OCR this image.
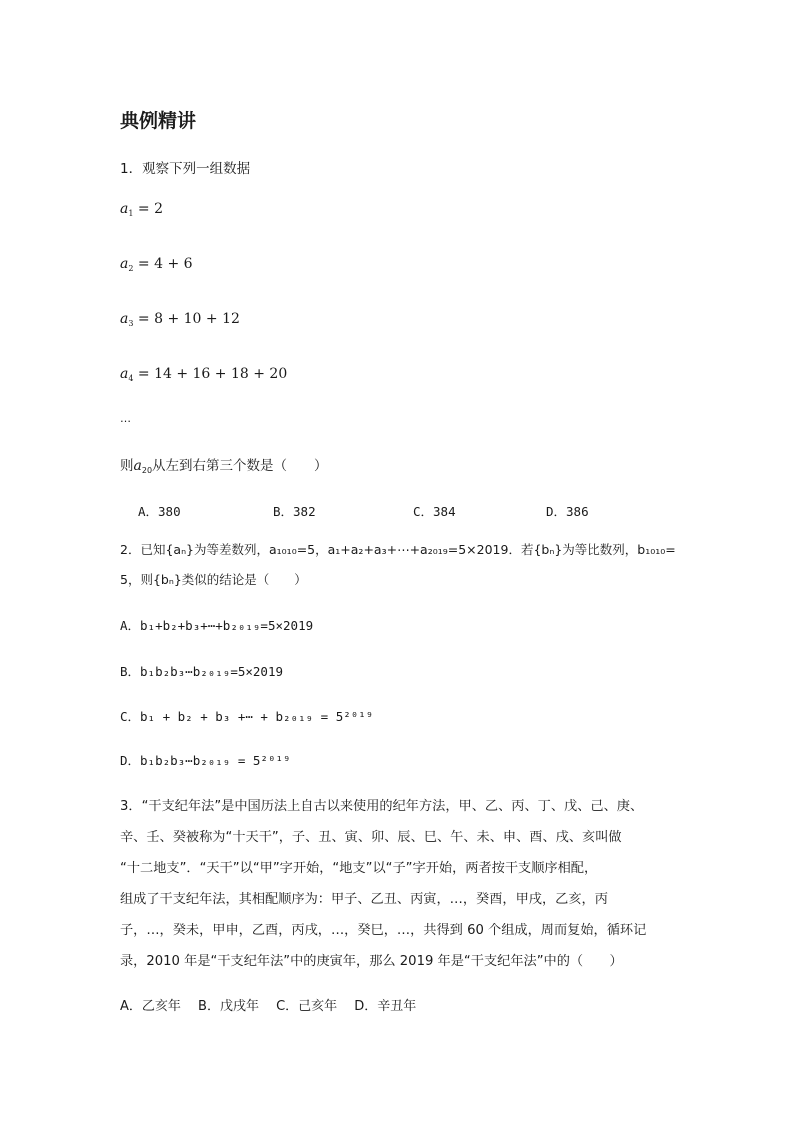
典例精讲
1．观察下列一组数据
$a_1 = 2$
$a_2 = 4 + 6$
$a_3 = 8 + 10 + 12$
$a_4 = 14 + 16 + 18 + 20$
…
则$a_{20}$从左到右第三个数是（　　）
A．380	B．382	C．384	D．386
2．已知{aₙ}为等差数列，a₁₀₁₀=5，a₁+a₂+a₃+⋯+a₂₀₁₉=5×2019．若{bₙ}为等比数列，b₁₀₁₀=
5，则{bₙ}类似的结论是（　　）
A．b₁+b₂+b₃+⋯+b₂₀₁₉=5×2019
B．b₁b₂b₃⋯b₂₀₁₉=5×2019
C．b₁ + b₂ + b₃ +⋯ + b₂₀₁₉ = 5²⁰¹⁹
D．b₁b₂b₃⋯b₂₀₁₉ = 5²⁰¹⁹
3．“干支纪年法”是中国历法上自古以来使用的纪年方法，甲、乙、丙、丁、戊、己、庚、
辛、壬、癸被称为“十天干”，子、丑、寅、卯、辰、巳、午、未、申、酉、戌、亥叫做
“十二地支”．“天干”以“甲”字开始，“地支”以“子”字开始，两者按干支顺序相配，
组成了干支纪年法，其相配顺序为：甲子、乙丑、丙寅，…，癸酉，甲戌，乙亥，丙
子，…，癸未，甲申，乙酉，丙戌，…，癸巳，…，共得到 60 个组成，周而复始，循环记
录，2010 年是“干支纪年法”中的庚寅年，那么 2019 年是“干支纪年法”中的（　　）
A．乙亥年　 B．戊戌年　 C．己亥年　 D．辛丑年
